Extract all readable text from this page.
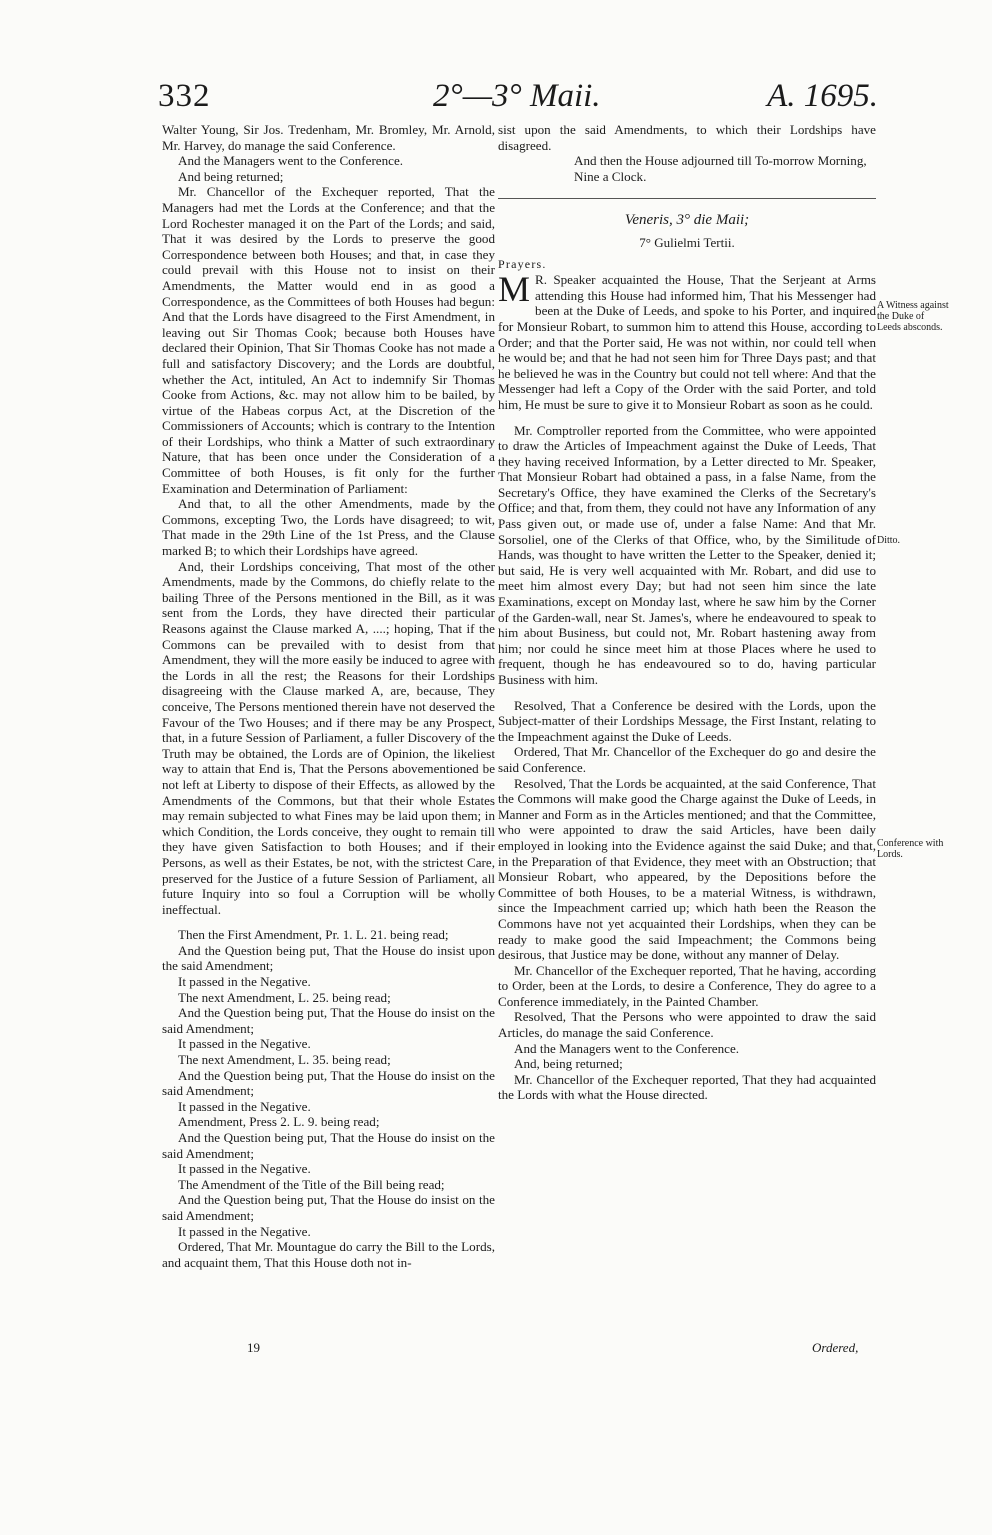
332	2°—3° Maii.	A. 1695.

Walter Young, Sir Jos. Tredenham, Mr. Bromley, Mr. Arnold, Mr. Harvey, do manage the said Conference.

And the Managers went to the Conference.

And being returned;

Mr. Chancellor of the Exchequer reported, That the Managers had met the Lords at the Conference; and that the Lord Rochester managed it on the Part of the Lords; and said, That it was desired by the Lords to preserve the good Correspondence between both Houses; and that, in case they could prevail with this House not to insist on their Amendments, the Matter would end in as good a Correspondence, as the Committees of both Houses had begun: And that the Lords have disagreed to the First Amendment, in leaving out Sir Thomas Cook; because both Houses have declared their Opinion, That Sir Thomas Cooke has not made a full and satisfactory Discovery; and the Lords are doubtful, whether the Act, intituled, An Act to indemnify Sir Thomas Cooke from Actions, &c. may not allow him to be bailed, by virtue of the Habeas corpus Act, at the Discretion of the Commissioners of Accounts; which is contrary to the Intention of their Lordships, who think a Matter of such extraordinary Nature, that has been once under the Consideration of a Committee of both Houses, is fit only for the further Examination and Determination of Parliament:

And that, to all the other Amendments, made by the Commons, excepting Two, the Lords have disagreed; to wit, That made in the 29th Line of the 1st Press, and the Clause marked B; to which their Lordships have agreed.

And, their Lordships conceiving, That most of the other Amendments, made by the Commons, do chiefly relate to the bailing Three of the Persons mentioned in the Bill, as it was sent from the Lords, they have directed their particular Reasons against the Clause marked A, ....; hoping, That if the Commons can be prevailed with to desist from that Amendment, they will the more easily be induced to agree with the Lords in all the rest; the Reasons for their Lordships disagreeing with the Clause marked A, are, because, They conceive, The Persons mentioned therein have not deserved the Favour of the Two Houses; and if there may be any Prospect, that, in a future Session of Parliament, a fuller Discovery of the Truth may be obtained, the Lords are of Opinion, the likeliest way to attain that End is, That the Persons abovementioned be not left at Liberty to dispose of their Effects, as allowed by the Amendments of the Commons, but that their whole Estates may remain subjected to what Fines may be laid upon them; in which Condition, the Lords conceive, they ought to remain till they have given Satisfaction to both Houses; and if their Persons, as well as their Estates, be not, with the strictest Care, preserved for the Justice of a future Session of Parliament, all future Inquiry into so foul a Corruption will be wholly ineffectual.

Then the First Amendment, Pr. 1. L. 21. being read;

And the Question being put, That the House do insist upon the said Amendment;

It passed in the Negative.

The next Amendment, L. 25. being read;

And the Question being put, That the House do insist on the said Amendment;

It passed in the Negative.

The next Amendment, L. 35. being read;

And the Question being put, That the House do insist on the said Amendment;

It passed in the Negative.

Amendment, Press 2. L. 9. being read;

And the Question being put, That the House do insist on the said Amendment;

It passed in the Negative.

The Amendment of the Title of the Bill being read;

And the Question being put, That the House do insist on the said Amendment;

It passed in the Negative.

Ordered, That Mr. Mountague do carry the Bill to the Lords, and acquaint them, That this House doth not in-

sist upon the said Amendments, to which their Lordships have disagreed.

And then the House adjourned till To-morrow Morning, Nine a Clock.

Veneris, 3° die Maii;
7° Gulielmi Tertii.

Prayers.

M R. Speaker acquainted the House, That the Serjeant at Arms attending this House had informed him, That his Messenger had been at the Duke of Leeds, and spoke to his Porter, and inquired for Monsieur Robart, to summon him to attend this House, according to Order; and that the Porter said, He was not within, nor could tell when he would be; and that he had not seen him for Three Days past; and that he believed he was in the Country but could not tell where: And that the Messenger had left a Copy of the Order with the said Porter, and told him, He must be sure to give it to Monsieur Robart as soon as he could.

Mr. Comptroller reported from the Committee, who were appointed to draw the Articles of Impeachment against the Duke of Leeds, That they having received Information, by a Letter directed to Mr. Speaker, That Monsieur Robart had obtained a pass, in a false Name, from the Secretary's Office, they have examined the Clerks of the Secretary's Office; and that, from them, they could not have any Information of any Pass given out, or made use of, under a false Name: And that Mr. Sorsoliel, one of the Clerks of that Office, who, by the Similitude of Hands, was thought to have written the Letter to the Speaker, denied it; but said, He is very well acquainted with Mr. Robart, and did use to meet him almost every Day; but had not seen him since the late Examinations, except on Monday last, where he saw him by the Corner of the Garden-wall, near St. James's, where he endeavoured to speak to him about Business, but could not, Mr. Robart hastening away from him; nor could he since meet him at those Places where he used to frequent, though he has endeavoured so to do, having particular Business with him.

Resolved, That a Conference be desired with the Lords, upon the Subject-matter of their Lordships Message, the First Instant, relating to the Impeachment against the Duke of Leeds.

Ordered, That Mr. Chancellor of the Exchequer do go and desire the said Conference.

Resolved, That the Lords be acquainted, at the said Conference, That the Commons will make good the Charge against the Duke of Leeds, in Manner and Form as in the Articles mentioned; and that the Committee, who were appointed to draw the said Articles, have been daily employed in looking into the Evidence against the said Duke; and that, in the Preparation of that Evidence, they meet with an Obstruction; that Monsieur Robart, who appeared, by the Depositions before the Committee of both Houses, to be a material Witness, is withdrawn, since the Impeachment carried up; which hath been the Reason the Commons have not yet acquainted their Lordships, when they can be ready to make good the said Impeachment; the Commons being desirous, that Justice may be done, without any manner of Delay.

Mr. Chancellor of the Exchequer reported, That he having, according to Order, been at the Lords, to desire a Conference, They do agree to a Conference immediately, in the Painted Chamber.

Resolved, That the Persons who were appointed to draw the said Articles, do manage the said Conference.

And the Managers went to the Conference.

And, being returned;

Mr. Chancellor of the Exchequer reported, That they had acquainted the Lords with what the House directed.

A Witness against the Duke of Leeds absconds.
Ditto.
Conference with Lords.
19	Ordered,
